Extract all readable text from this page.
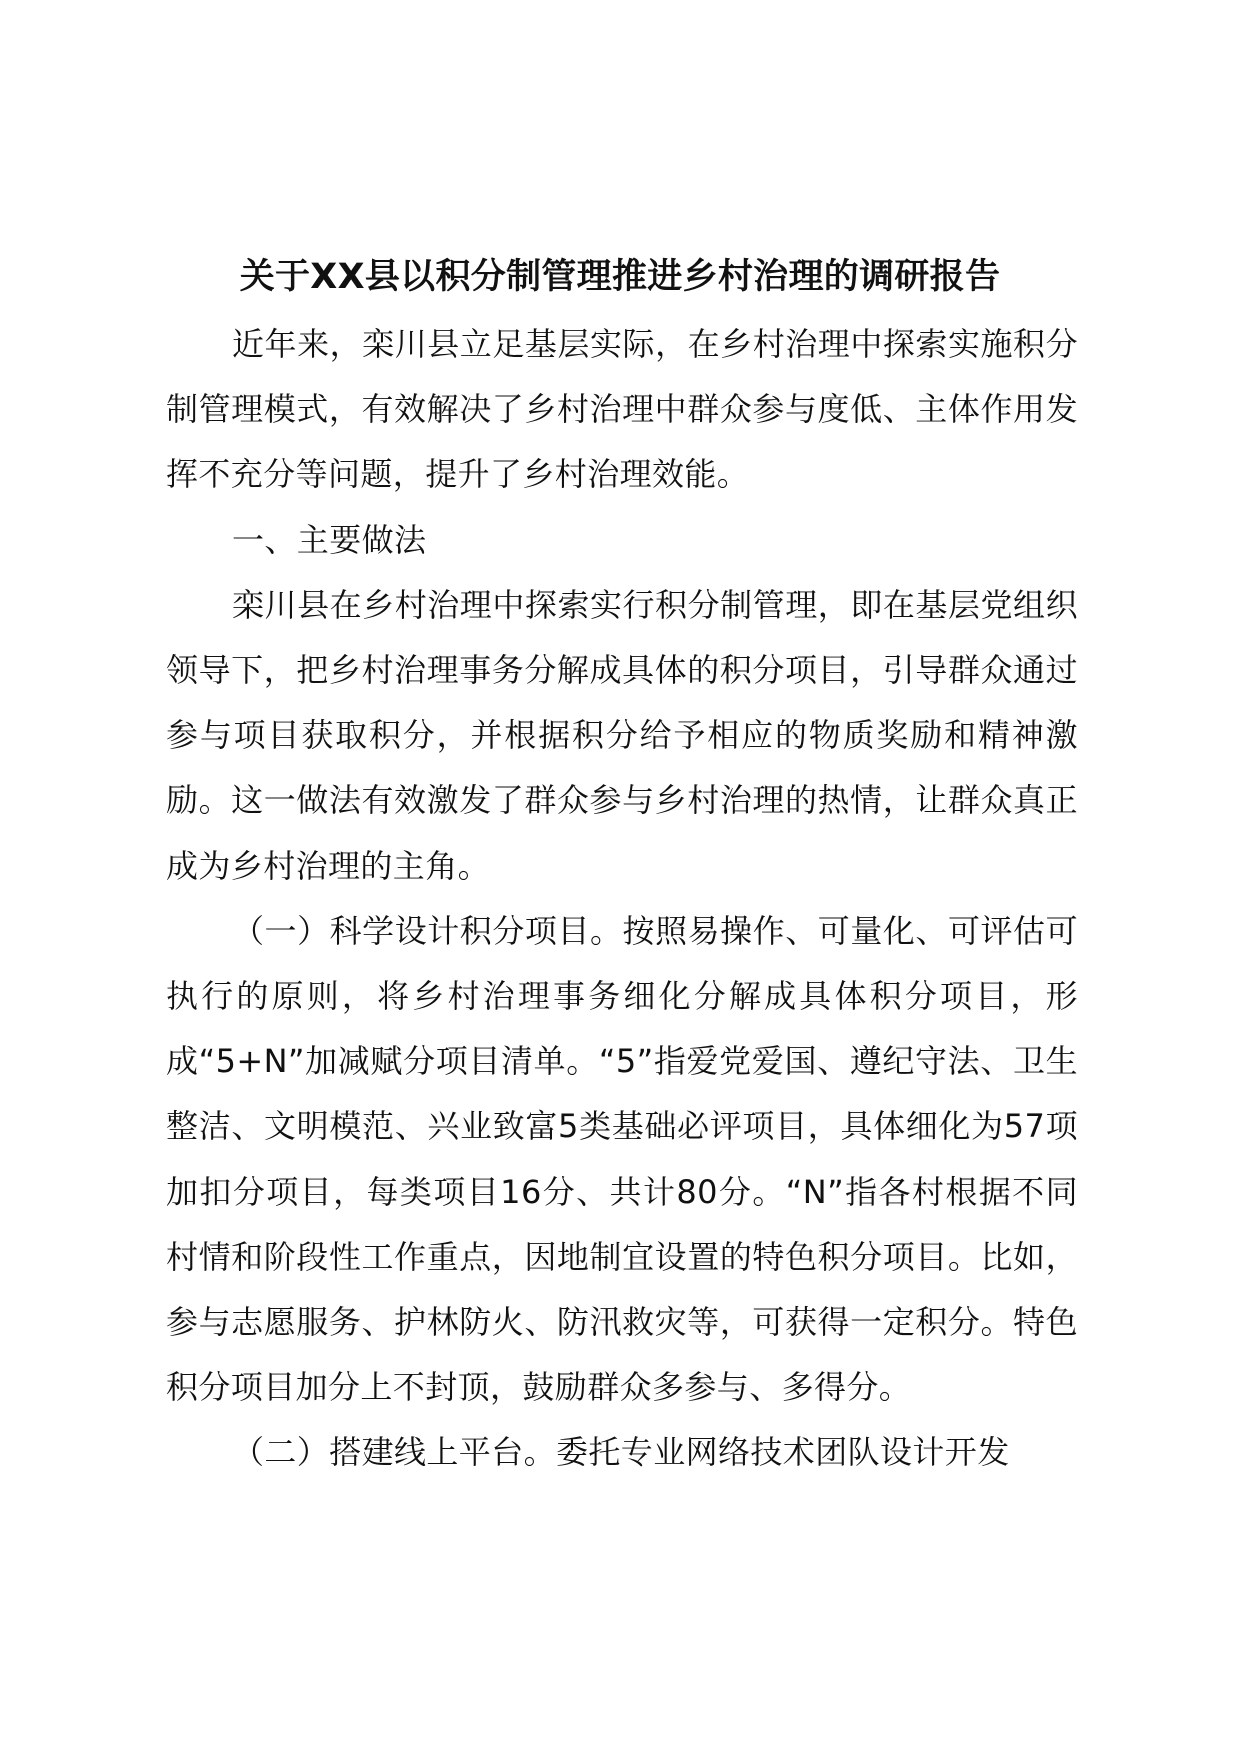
关于XX县以积分制管理推进乡村治理的调研报告

近年来，栾川县立足基层实际，在乡村治理中探索实施积分制管理模式，有效解决了乡村治理中群众参与度低、主体作用发挥不充分等问题，提升了乡村治理效能。

一、主要做法

栾川县在乡村治理中探索实行积分制管理，即在基层党组织领导下，把乡村治理事务分解成具体的积分项目，引导群众通过参与项目获取积分，并根据积分给予相应的物质奖励和精神激励。这一做法有效激发了群众参与乡村治理的热情，让群众真正成为乡村治理的主角。

（一）科学设计积分项目。按照易操作、可量化、可评估可执行的原则，将乡村治理事务细化分解成具体积分项目，形成“5+N”加减赋分项目清单。“5”指爱党爱国、遵纪守法、卫生整洁、文明模范、兴业致富5类基础必评项目，具体细化为57项加扣分项目，每类项目16分、共计80分。“N”指各村根据不同村情和阶段性工作重点，因地制宜设置的特色积分项目。比如，参与志愿服务、护林防火、防汛救灾等，可获得一定积分。特色积分项目加分上不封顶，鼓励群众多参与、多得分。

（二）搭建线上平台。委托专业网络技术团队设计开发
